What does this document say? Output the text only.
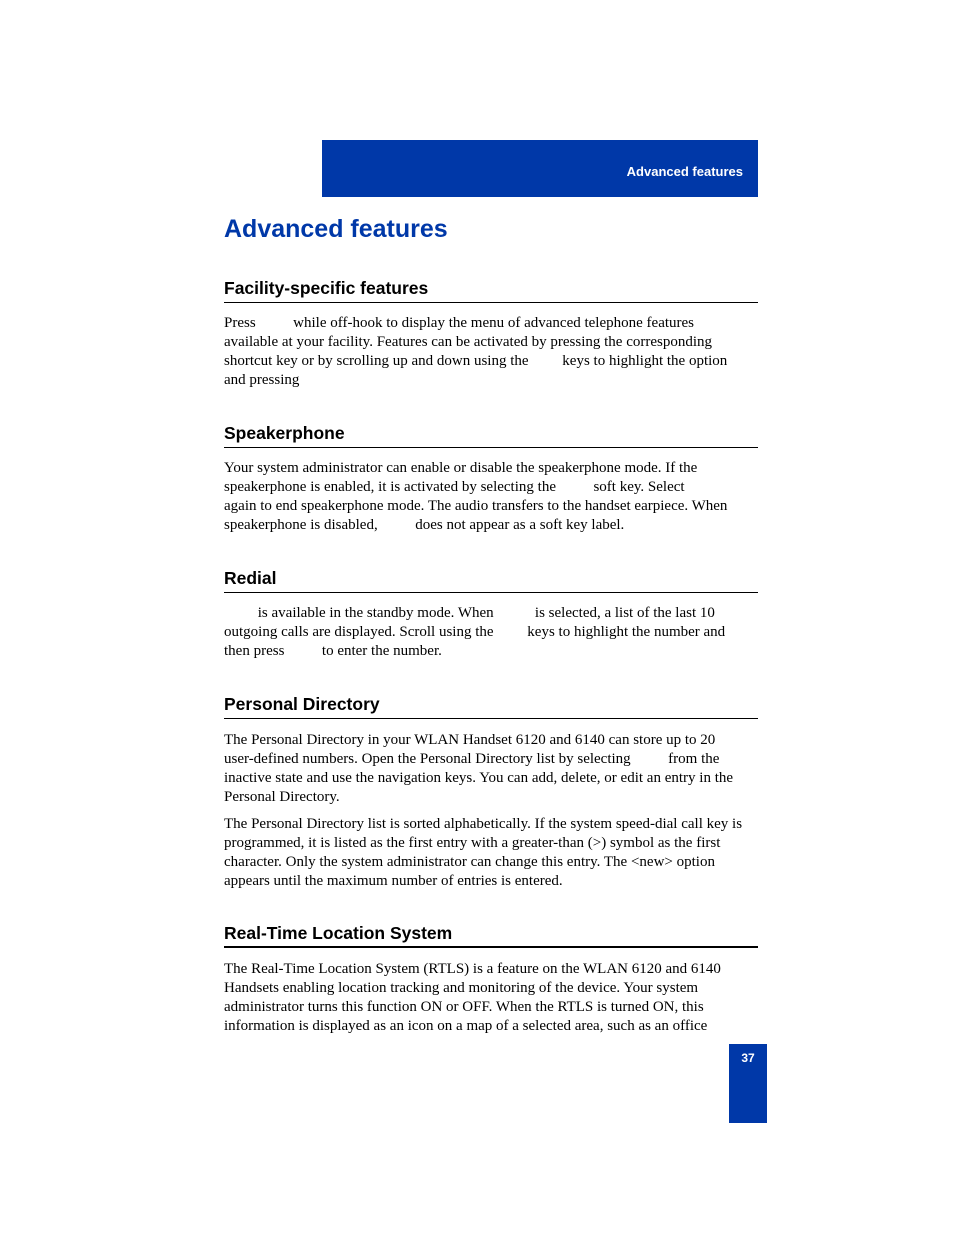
Advanced features
Advanced features
Facility-specific features
Press          while off-hook to display the menu of advanced telephone features
available at your facility. Features can be activated by pressing the corresponding
shortcut key or by scrolling up and down using the         keys to highlight the option
and pressing
Speakerphone
Your system administrator can enable or disable the speakerphone mode. If the
speakerphone is enabled, it is activated by selecting the          soft key. Select
again to end speakerphone mode. The audio transfers to the handset earpiece. When
speakerphone is disabled,          does not appear as a soft key label.
Redial
is available in the standby mode. When           is selected, a list of the last 10
outgoing calls are displayed. Scroll using the         keys to highlight the number and
then press          to enter the number.
Personal Directory
The Personal Directory in your WLAN Handset 6120 and 6140 can store up to 20
user-defined numbers. Open the Personal Directory list by selecting          from the
inactive state and use the navigation keys. You can add, delete, or edit an entry in the
Personal Directory.
The Personal Directory list is sorted alphabetically. If the system speed-dial call key is
programmed, it is listed as the first entry with a greater-than (>) symbol as the first
character. Only the system administrator can change this entry. The <new> option
appears until the maximum number of entries is entered.
Real-Time Location System
The Real-Time Location System (RTLS) is a feature on the WLAN 6120 and 6140
Handsets enabling location tracking and monitoring of the device. Your system
administrator turns this function ON or OFF. When the RTLS is turned ON, this
information is displayed as an icon on a map of a selected area, such as an office
37
